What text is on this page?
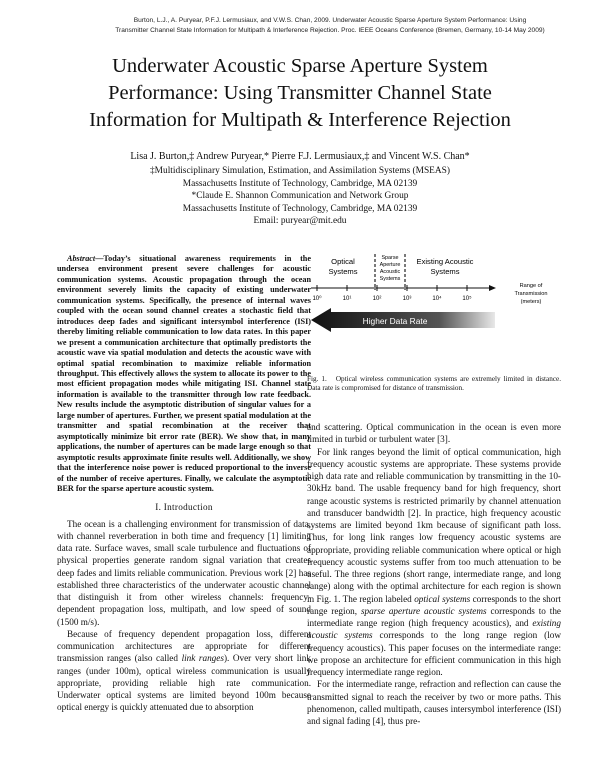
Burton, L.J., A. Puryear, P.F.J. Lermusiaux, and V.W.S. Chan, 2009. Underwater Acoustic Sparse Aperture System Performance: Using
Transmitter Channel State Information for Multipath & Interference Rejection. Proc. IEEE Oceans Conference (Bremen, Germany, 10-14 May 2009)
Underwater Acoustic Sparse Aperture System
Performance: Using Transmitter Channel State
Information for Multipath & Interference Rejection
Lisa J. Burton,‡ Andrew Puryear,* Pierre F.J. Lermusiaux,‡ and Vincent W.S. Chan*
‡Multidisciplinary Simulation, Estimation, and Assimilation Systems (MSEAS)
Massachusetts Institute of Technology, Cambridge, MA 02139
*Claude E. Shannon Communication and Network Group
Massachusetts Institute of Technology, Cambridge, MA 02139
Email: puryear@mit.edu

Abstract—Today’s situational awareness requirements in the undersea environment present severe challenges for acoustic communication systems. Acoustic propagation through the ocean environment severely limits the capacity of existing underwater communication systems. Specifically, the presence of internal waves coupled with the ocean sound channel creates a stochastic field that introduces deep fades and significant intersymbol interference (ISI) thereby limiting reliable communication to low data rates. In this paper we present a communication architecture that optimally predistorts the acoustic wave via spatial modulation and detects the acoustic wave with optimal spatial recombination to maximize reliable information throughput. This effectively allows the system to allocate its power to the most efficient propagation modes while mitigating ISI. Channel state information is available to the transmitter through low rate feedback. New results include the asymptotic distribution of singular values for a large number of apertures. Further, we present spatial modulation at the transmitter and spatial recombination at the receiver that asymptotically minimize bit error rate (BER). We show that, in many applications, the number of apertures can be made large enough so that asymptotic results approximate finite results well. Additionally, we show that the interference noise power is reduced proportional to the inverse of the number of receive apertures. Finally, we calculate the asymptotic BER for the sparse aperture acoustic system.

I. Introduction

The ocean is a challenging environment for transmission of data, with channel reverberation in both time and frequency [1] limiting data rate. Surface waves, small scale turbulence and fluctuations of physical properties generate random signal variation that creates deep fades and limits reliable communication. Previous work [2] has established three characteristics of the underwater acoustic channel that distinguish it from other wireless channels: frequency-dependent propagation loss, multipath, and low speed of sound (1500 m/s).

Because of frequency dependent propagation loss, different communication architectures are appropriate for different transmission ranges (also called link ranges). Over very short link ranges (under 100m), optical wireless communication is usually appropriate, providing reliable high rate communication. Underwater optical systems are limited beyond 100m because optical energy is quickly attenuated due to absorption

Optical
Systems
Sparse
Aperture
Acoustic
Systems
Existing Acoustic
Systems
10⁰	10¹	10²	10³	10⁴	10⁵
Range of
Transmission
(meters)
Higher Data Rate
Fig. 1. Optical wireless communication systems are extremely limited in distance. Data rate is compromised for distance of transmission.

and scattering. Optical communication in the ocean is even more limited in turbid or turbulent water [3].

For link ranges beyond the limit of optical communication, high frequency acoustic systems are appropriate. These systems provide high data rate and reliable communication by transmitting in the 10-30kHz band. The usable frequency band for high frequency, short range acoustic systems is restricted primarily by channel attenuation and transducer bandwidth [2]. In practice, high frequency acoustic systems are limited beyond 1km because of significant path loss. Thus, for long link ranges low frequency acoustic systems are appropriate, providing reliable communication where optical or high frequency acoustic systems suffer from too much attenuation to be useful. The three regions (short range, intermediate range, and long range) along with the optimal architecture for each region is shown in Fig. 1. The region labeled optical systems corresponds to the short range region, sparse aperture acoustic systems corresponds to the intermediate range region (high frequency acoustics), and existing acoustic systems corresponds to the long range region (low frequency acoustics). This paper focuses on the intermediate range: we propose an architecture for efficient communication in this high frequency intermediate range region.

For the intermediate range, refraction and reflection can cause the transmitted signal to reach the receiver by two or more paths. This phenomenon, called multipath, causes intersymbol interference (ISI) and signal fading [4], thus pre-
